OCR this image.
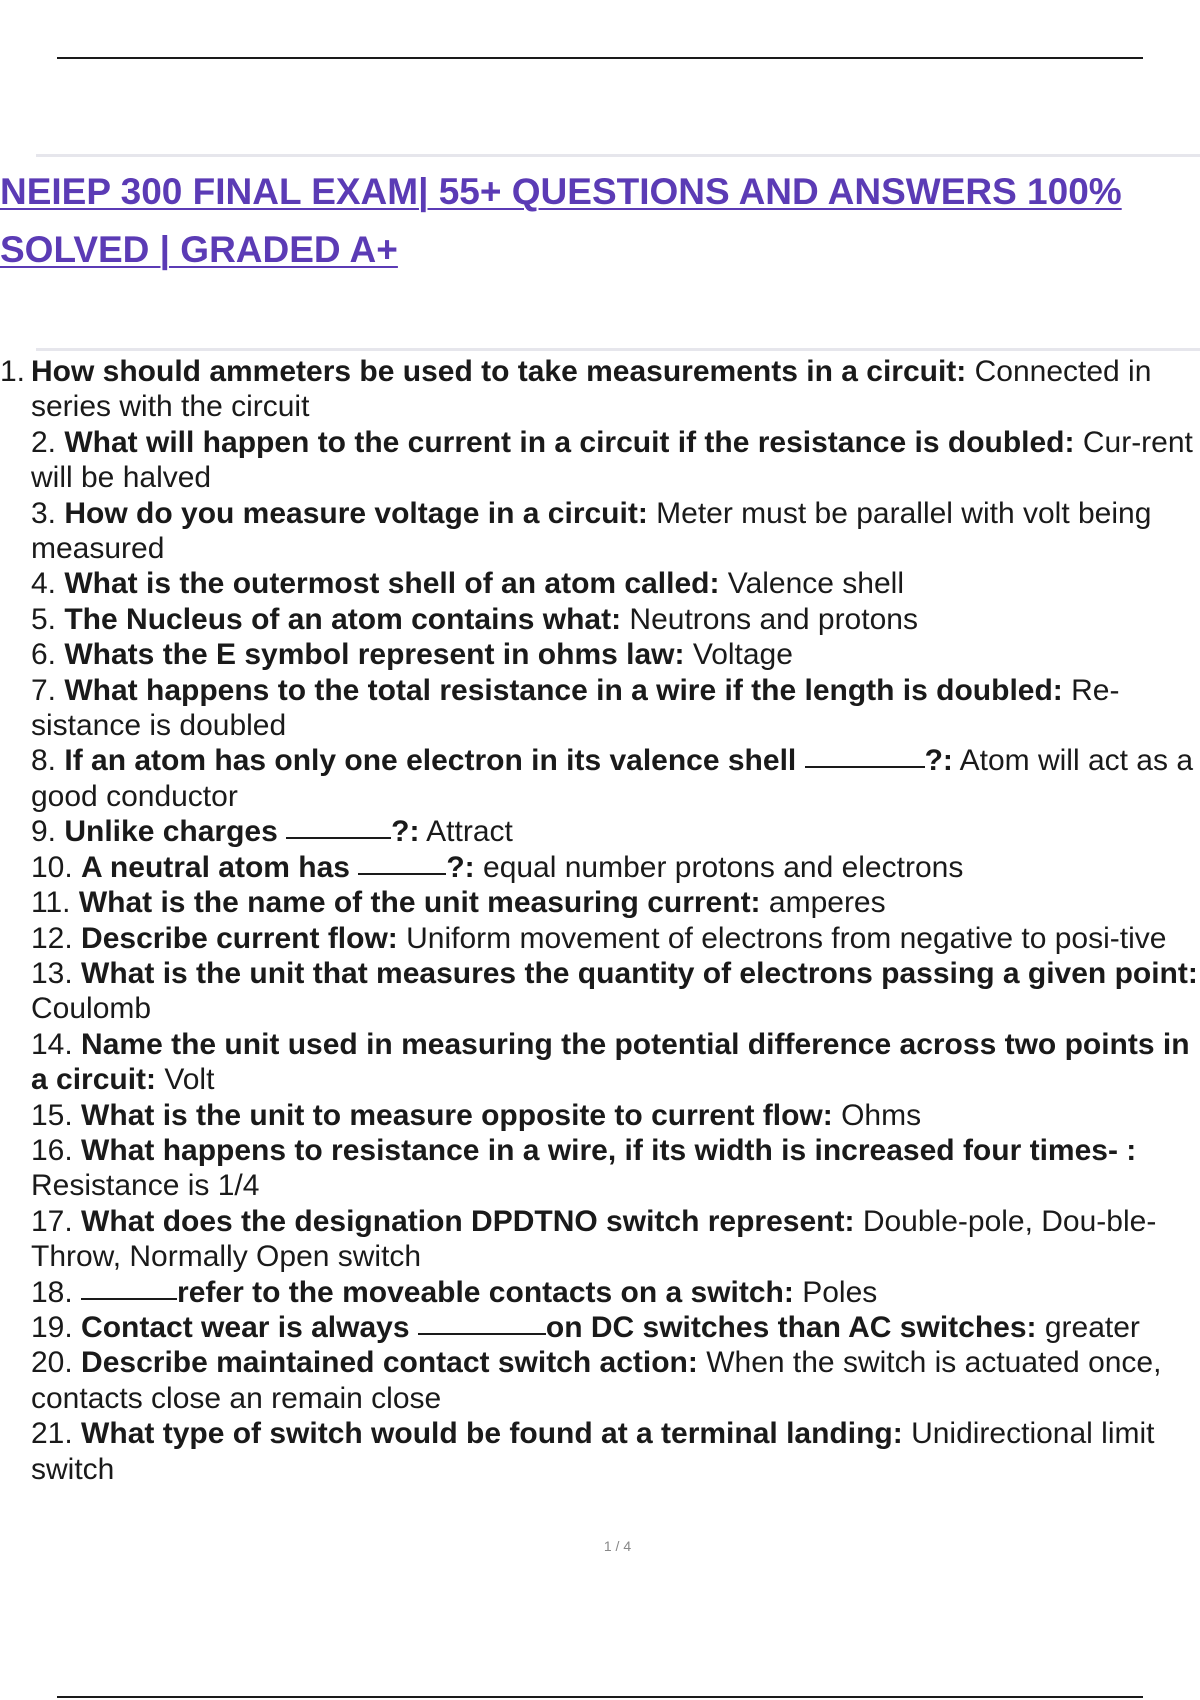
NEIEP 300 FINAL EXAM| 55+ QUESTIONS AND ANSWERS 100%
SOLVED | GRADED A+

1. How should ammeters be used to take measurements in a circuit: Connected in series with the circuit

2. What will happen to the current in a circuit if the resistance is doubled: Cur-rent will be halved

3. How do you measure voltage in a circuit: Meter must be parallel with volt being measured

4. What is the outermost shell of an atom called: Valence shell

5. The Nucleus of an atom contains what: Neutrons and protons

6. Whats the E symbol represent in ohms law: Voltage

7. What happens to the total resistance in a wire if the length is doubled: Re-sistance is doubled

8. If an atom has only one electron in its valence shell	?: Atom will act as a good conductor

9. Unlike charges	?: Attract

10. A neutral atom has	?: equal number protons and electrons

11. What is the name of the unit measuring current: amperes

12. Describe current flow: Uniform movement of electrons from negative to posi-tive

13. What is the unit that measures the quantity of electrons passing a given point: Coulomb

14. Name the unit used in measuring the potential difference across two points in a circuit: Volt

15. What is the unit to measure opposite to current flow: Ohms

16. What happens to resistance in a wire, if its width is increased four times- : Resistance is 1/4

17. What does the designation DPDTNO switch represent: Double-pole, Dou-ble-Throw, Normally Open switch

18.	refer to the moveable contacts on a switch: Poles

19. Contact wear is always	on DC switches than AC switches: greater

20. Describe maintained contact switch action: When the switch is actuated once, contacts close an remain close

21. What type of switch would be found at a terminal landing: Unidirectional limit switch

1 / 4
